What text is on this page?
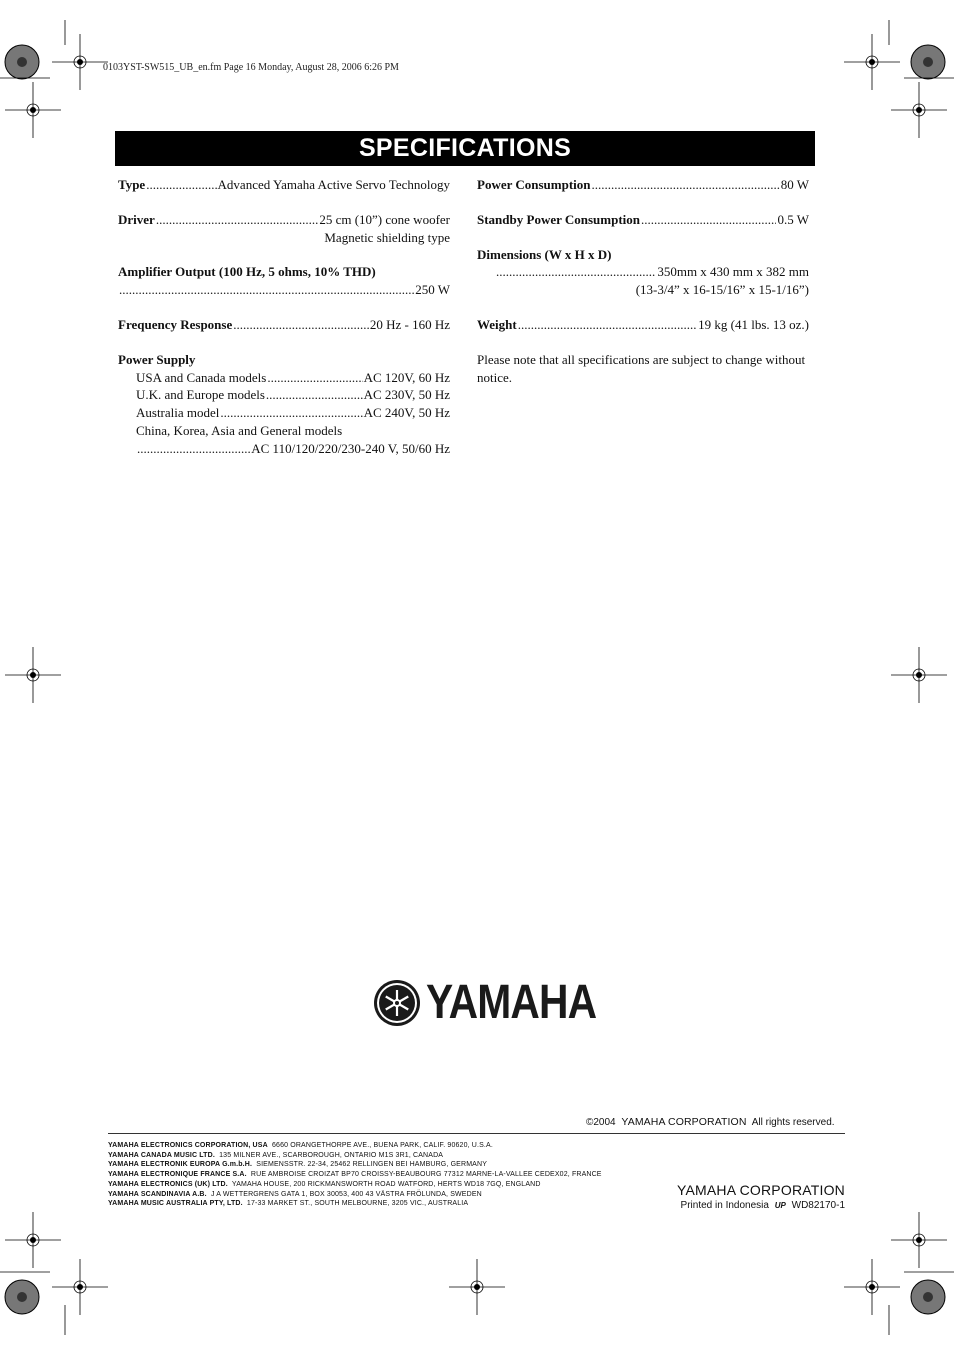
0103YST-SW515_UB_en.fm Page 16 Monday, August 28, 2006 6:26 PM
SPECIFICATIONS
Type .....	Advanced Yamaha Active Servo Technology
Driver .....	25 cm (10”) cone woofer
Magnetic shielding type
Amplifier Output (100 Hz, 5 ohms, 10% THD)
.....
250 W
Frequency Response .....	20 Hz - 160 Hz
Power Supply
USA and Canada models .....	AC 120V, 60 Hz
U.K. and Europe models .....	AC 230V, 50 Hz
Australia model .....	AC 240V, 50 Hz
China, Korea, Asia and General models
.....
AC 110/120/220/230-240 V, 50/60 Hz
Power Consumption .....	80 W
Standby Power Consumption .....	0.5 W
Dimensions (W x H x D)
.....
350mm x 430 mm x 382 mm
(13-3/4” x 16-15/16” x 15-1/16”)
Weight .....	19 kg (41 lbs. 13 oz.)
Please note that all specifications are subject to change without notice.
YAMAHA
©2004 YAMAHA CORPORATION All rights reserved.
YAMAHA ELECTRONICS CORPORATION, USA 6660 ORANGETHORPE AVE., BUENA PARK, CALIF. 90620, U.S.A.
YAMAHA CANADA MUSIC LTD. 135 MILNER AVE., SCARBOROUGH, ONTARIO M1S 3R1, CANADA
YAMAHA ELECTRONIK EUROPA G.m.b.H. SIEMENSSTR. 22-34, 25462 RELLINGEN BEI HAMBURG, GERMANY
YAMAHA ELECTRONIQUE FRANCE S.A. RUE AMBROISE CROIZAT BP70 CROISSY-BEAUBOURG 77312 MARNE-LA-VALLEE CEDEX02, FRANCE
YAMAHA ELECTRONICS (UK) LTD. YAMAHA HOUSE, 200 RICKMANSWORTH ROAD WATFORD, HERTS WD18 7GQ, ENGLAND
YAMAHA SCANDINAVIA A.B. J A WETTERGRENS GATA 1, BOX 30053, 400 43 VÄSTRA FRÖLUNDA, SWEDEN
YAMAHA MUSIC AUSTRALIA PTY, LTD. 17-33 MARKET ST., SOUTH MELBOURNE, 3205 VIC., AUSTRALIA
YAMAHA CORPORATION
Printed in Indonesia UP WD82170-1
